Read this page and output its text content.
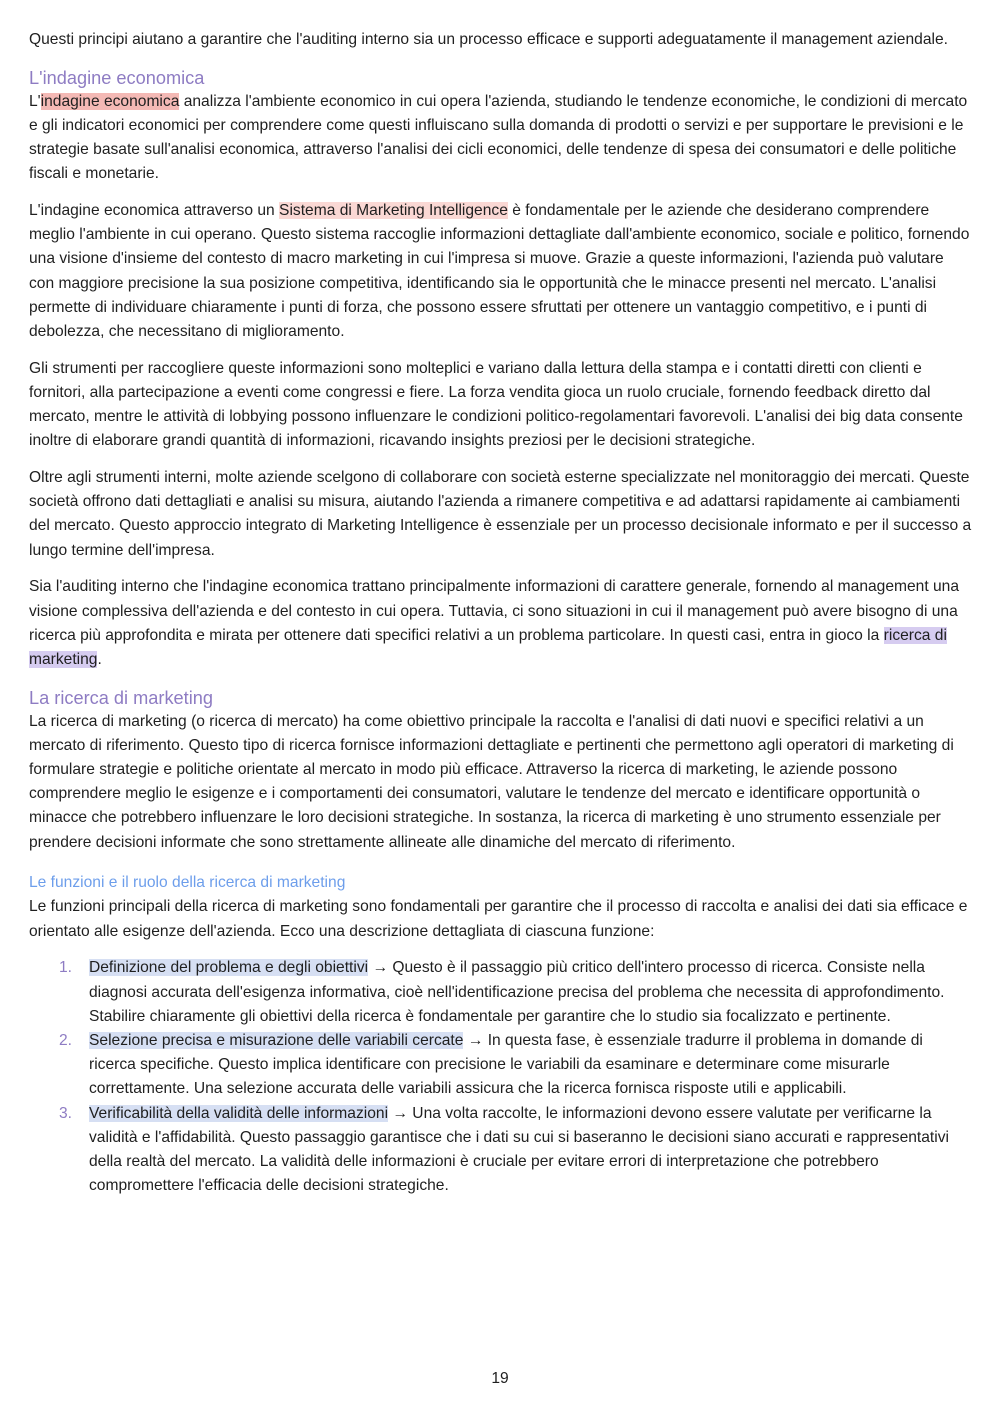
Questi principi aiutano a garantire che l'auditing interno sia un processo efficace e supporti adeguatamente il management aziendale.

L'indagine economica

L'indagine economica analizza l'ambiente economico in cui opera l'azienda, studiando le tendenze economiche, le condizioni di mercato e gli indicatori economici per comprendere come questi influiscano sulla domanda di prodotti o servizi e per supportare le previsioni e le strategie basate sull'analisi economica, attraverso l'analisi dei cicli economici, delle tendenze di spesa dei consumatori e delle politiche fiscali e monetarie.

L'indagine economica attraverso un Sistema di Marketing Intelligence è fondamentale per le aziende che desiderano comprendere meglio l'ambiente in cui operano. Questo sistema raccoglie informazioni dettagliate dall'ambiente economico, sociale e politico, fornendo una visione d'insieme del contesto di macro marketing in cui l'impresa si muove. Grazie a queste informazioni, l'azienda può valutare con maggiore precisione la sua posizione competitiva, identificando sia le opportunità che le minacce presenti nel mercato. L'analisi permette di individuare chiaramente i punti di forza, che possono essere sfruttati per ottenere un vantaggio competitivo, e i punti di debolezza, che necessitano di miglioramento.

Gli strumenti per raccogliere queste informazioni sono molteplici e variano dalla lettura della stampa e i contatti diretti con clienti e fornitori, alla partecipazione a eventi come congressi e fiere. La forza vendita gioca un ruolo cruciale, fornendo feedback diretto dal mercato, mentre le attività di lobbying possono influenzare le condizioni politico-regolamentari favorevoli. L'analisi dei big data consente inoltre di elaborare grandi quantità di informazioni, ricavando insights preziosi per le decisioni strategiche.

Oltre agli strumenti interni, molte aziende scelgono di collaborare con società esterne specializzate nel monitoraggio dei mercati. Queste società offrono dati dettagliati e analisi su misura, aiutando l'azienda a rimanere competitiva e ad adattarsi rapidamente ai cambiamenti del mercato. Questo approccio integrato di Marketing Intelligence è essenziale per un processo decisionale informato e per il successo a lungo termine dell'impresa.

Sia l'auditing interno che l'indagine economica trattano principalmente informazioni di carattere generale, fornendo al management una visione complessiva dell'azienda e del contesto in cui opera. Tuttavia, ci sono situazioni in cui il management può avere bisogno di una ricerca più approfondita e mirata per ottenere dati specifici relativi a un problema particolare. In questi casi, entra in gioco la ricerca di marketing.

La ricerca di marketing

La ricerca di marketing (o ricerca di mercato) ha come obiettivo principale la raccolta e l'analisi di dati nuovi e specifici relativi a un mercato di riferimento. Questo tipo di ricerca fornisce informazioni dettagliate e pertinenti che permettono agli operatori di marketing di formulare strategie e politiche orientate al mercato in modo più efficace. Attraverso la ricerca di marketing, le aziende possono comprendere meglio le esigenze e i comportamenti dei consumatori, valutare le tendenze del mercato e identificare opportunità o minacce che potrebbero influenzare le loro decisioni strategiche. In sostanza, la ricerca di marketing è uno strumento essenziale per prendere decisioni informate che sono strettamente allineate alle dinamiche del mercato di riferimento.

Le funzioni e il ruolo della ricerca di marketing

Le funzioni principali della ricerca di marketing sono fondamentali per garantire che il processo di raccolta e analisi dei dati sia efficace e orientato alle esigenze dell'azienda. Ecco una descrizione dettagliata di ciascuna funzione:

1. Definizione del problema e degli obiettivi → Questo è il passaggio più critico dell'intero processo di ricerca. Consiste nella diagnosi accurata dell'esigenza informativa, cioè nell'identificazione precisa del problema che necessita di approfondimento. Stabilire chiaramente gli obiettivi della ricerca è fondamentale per garantire che lo studio sia focalizzato e pertinente.
2. Selezione precisa e misurazione delle variabili cercate → In questa fase, è essenziale tradurre il problema in domande di ricerca specifiche. Questo implica identificare con precisione le variabili da esaminare e determinare come misurarle correttamente. Una selezione accurata delle variabili assicura che la ricerca fornisca risposte utili e applicabili.
3. Verificabilità della validità delle informazioni → Una volta raccolte, le informazioni devono essere valutate per verificarne la validità e l'affidabilità. Questo passaggio garantisce che i dati su cui si baseranno le decisioni siano accurati e rappresentativi della realtà del mercato. La validità delle informazioni è cruciale per evitare errori di interpretazione che potrebbero compromettere l'efficacia delle decisioni strategiche.
19
